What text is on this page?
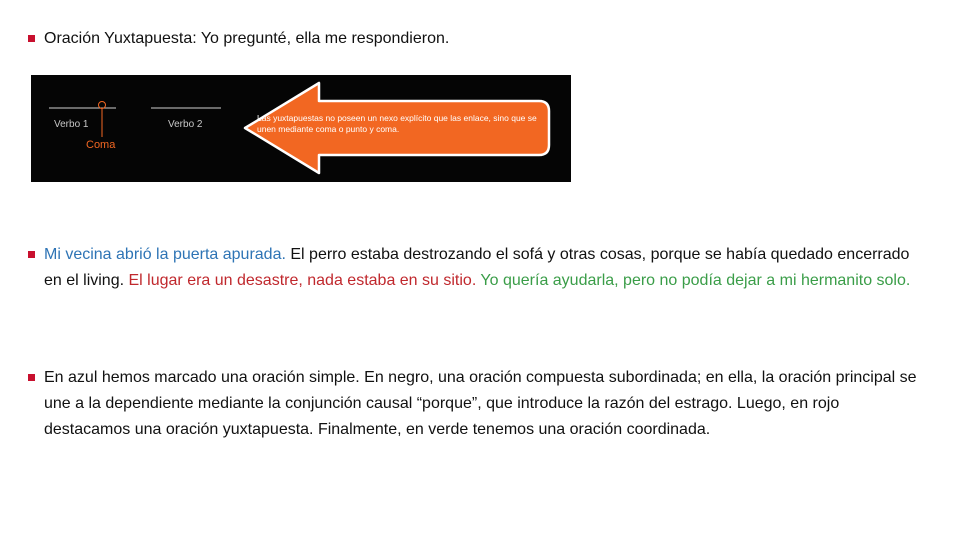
Oración Yuxtapuesta: Yo pregunté, ella me respondieron.
Verbo 1	Verbo 2
Coma
Las yuxtapuestas no poseen un nexo explícito que las enlace, sino que se unen mediante coma o punto y coma.
Mi vecina abrió la puerta apurada. El perro estaba destrozando el sofá y otras cosas, porque se había quedado encerrado en el living. El lugar era un desastre, nada estaba en su sitio. Yo quería ayudarla, pero no podía dejar a mi hermanito solo.
En azul hemos marcado una oración simple. En negro, una oración compuesta subordinada; en ella, la oración principal se une a la dependiente mediante la conjunción causal “porque”, que introduce la razón del estrago. Luego, en rojo destacamos una oración yuxtapuesta. Finalmente, en verde tenemos una oración coordinada.
